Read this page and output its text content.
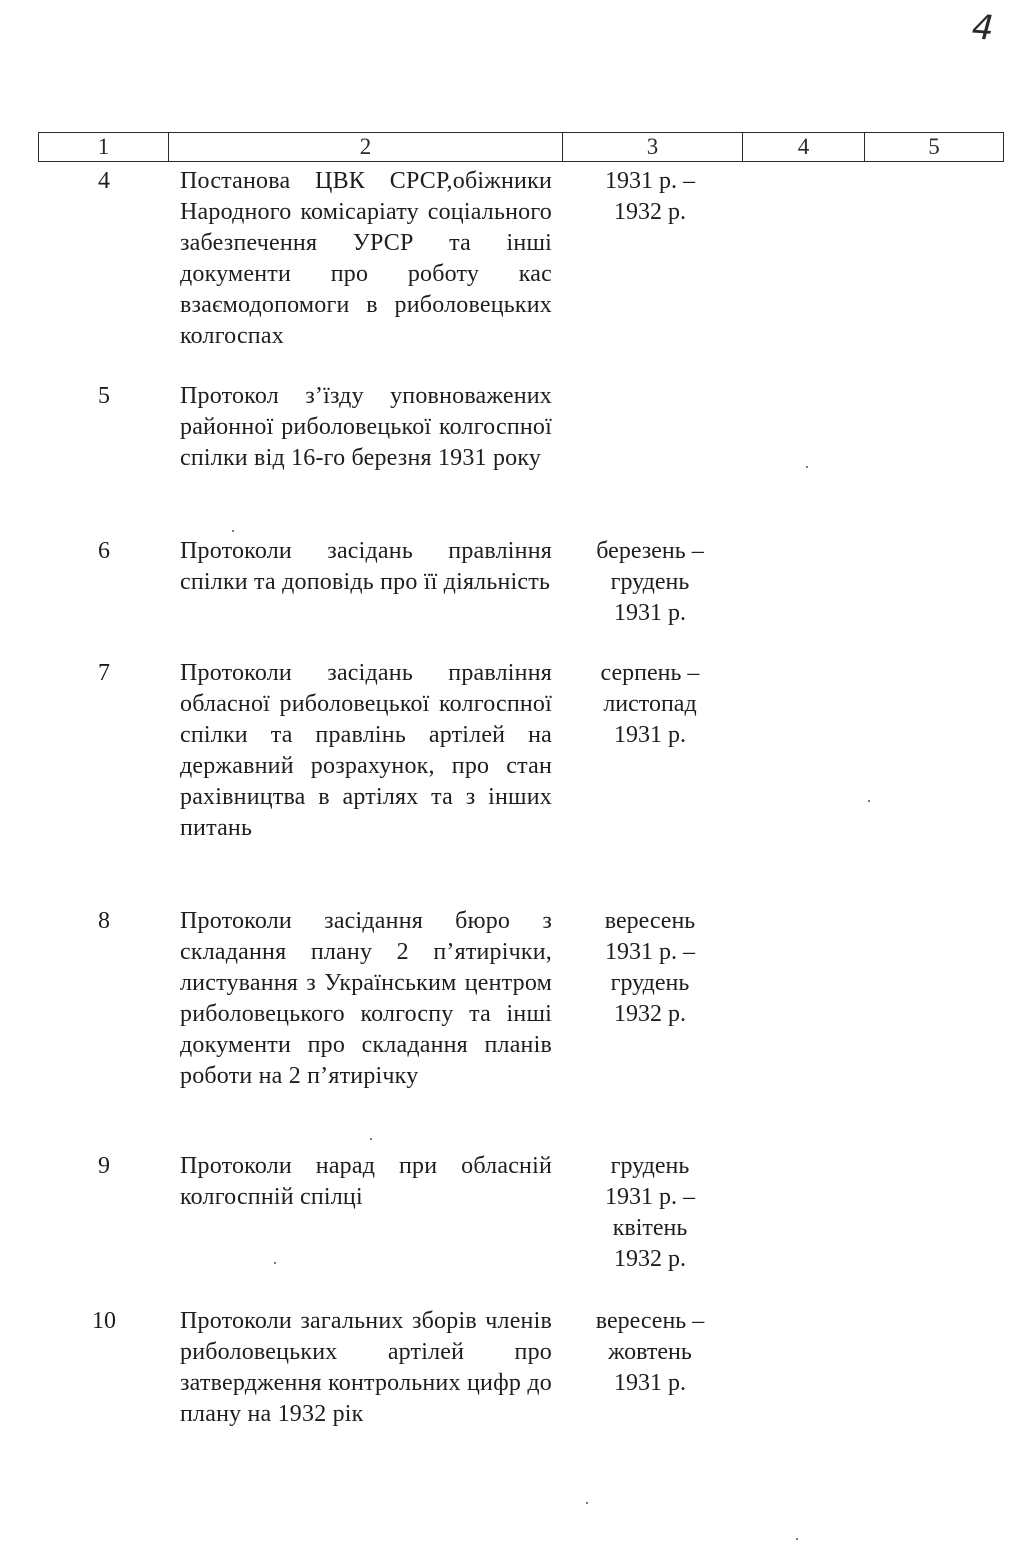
4
1	2	3	4	5
4	Постанова ЦВК СРСР,обіжники Народного комісаріату соціального забезпечення УРСР та інші документи про роботу кас взаємодопомоги в риболовецьких колгоспах
1931 р. –
1932 р.
5	Протокол з’їзду уповноважених районної риболовецької колгоспної спілки від 16-го березня 1931 року
6	Протоколи засідань правління спілки та доповідь про її діяльність
березень –
грудень
1931 р.
7	Протоколи засідань правління обласної риболовецької колгоспної спілки та правлінь артілей на державний розрахунок, про стан рахівництва в артілях та з інших питань
серпень –
листопад
1931 р.
8	Протоколи засідання бюро з складання плану 2 п’ятирічки, листування з Українським центром риболовецького колгоспу та інші документи про складання планів роботи на 2 п’ятирічку
вересень
1931 р. –
грудень
1932 р.
9	Протоколи нарад при обласній колгоспній спілці
грудень
1931 р. –
квітень
1932 р.
10	Протоколи загальних зборів членів риболовецьких артілей про затвердження контрольних цифр до плану на 1932 рік
вересень –
жовтень
1931 р.
